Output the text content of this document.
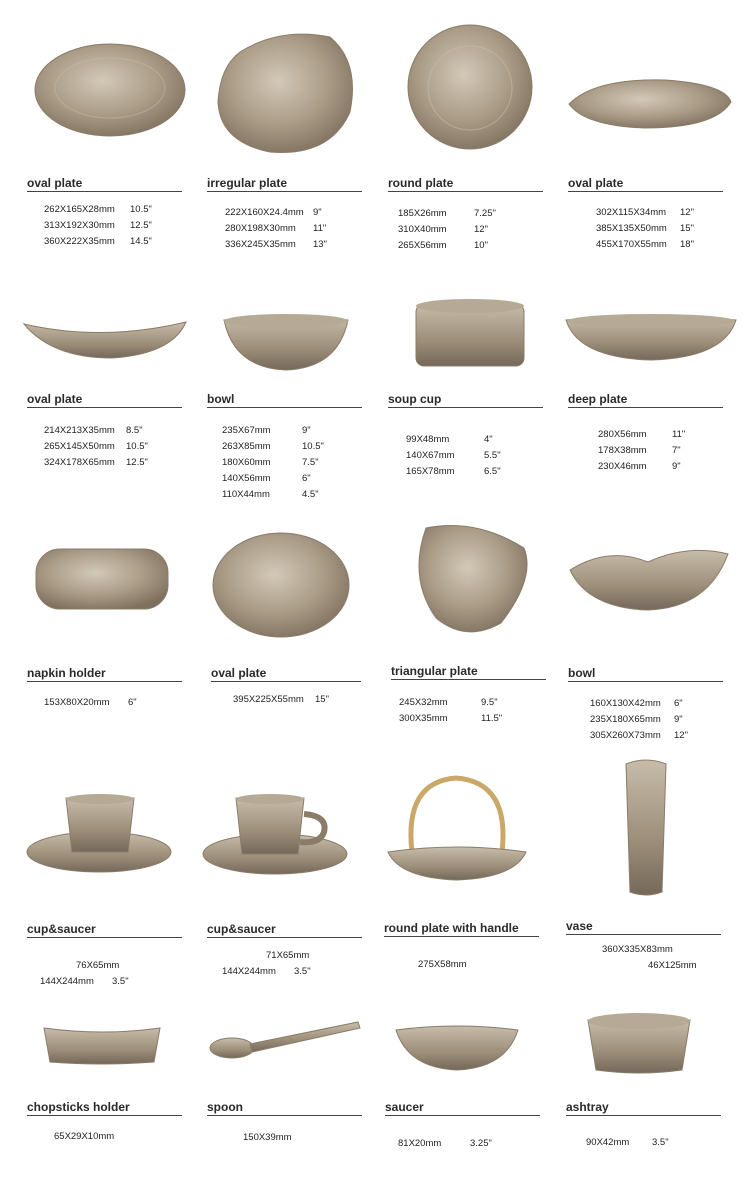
oval plate
262X165X28mm 10.5"
313X192X30mm 12.5"
360X222X35mm 14.5"
irregular plate
222X160X24.4mm 9"
280X198X30mm 11"
336X245X35mm 13"
round plate
185X26mm	7.25"
310X40mm	12"
265X56mm	10"
oval plate
302X115X34mm 12"
385X135X50mm 15"
455X170X55mm 18"
oval plate
214X213X35mm 8.5"
265X145X50mm 10.5"
324X178X65mm 12.5"
bowl
235X67mm	9"
263X85mm	10.5"
180X60mm	7.5"
140X56mm	6"
110X44mm	4.5"
soup cup
99X48mm	4"
140X67mm	5.5"
165X78mm	6.5"
deep plate
280X56mm	11"
178X38mm	7"
230X46mm	9"
napkin holder
153X80X20mm 6"
oval plate
395X225X55mm 15"
triangular plate
245X32mm	9.5"
300X35mm	11.5"
bowl
160X130X42mm 6"
235X180X65mm 9"
305X260X73mm 12"
cup&saucer
76X65mm
144X244mm 3.5"
cup&saucer
71X65mm
144X244mm 3.5"
round plate with handle
275X58mm
vase
360X335X83mm
46X125mm
chopsticks holder
65X29X10mm
spoon
150X39mm
saucer
81X20mm	3.25"
ashtray
90X42mm 3.5"
